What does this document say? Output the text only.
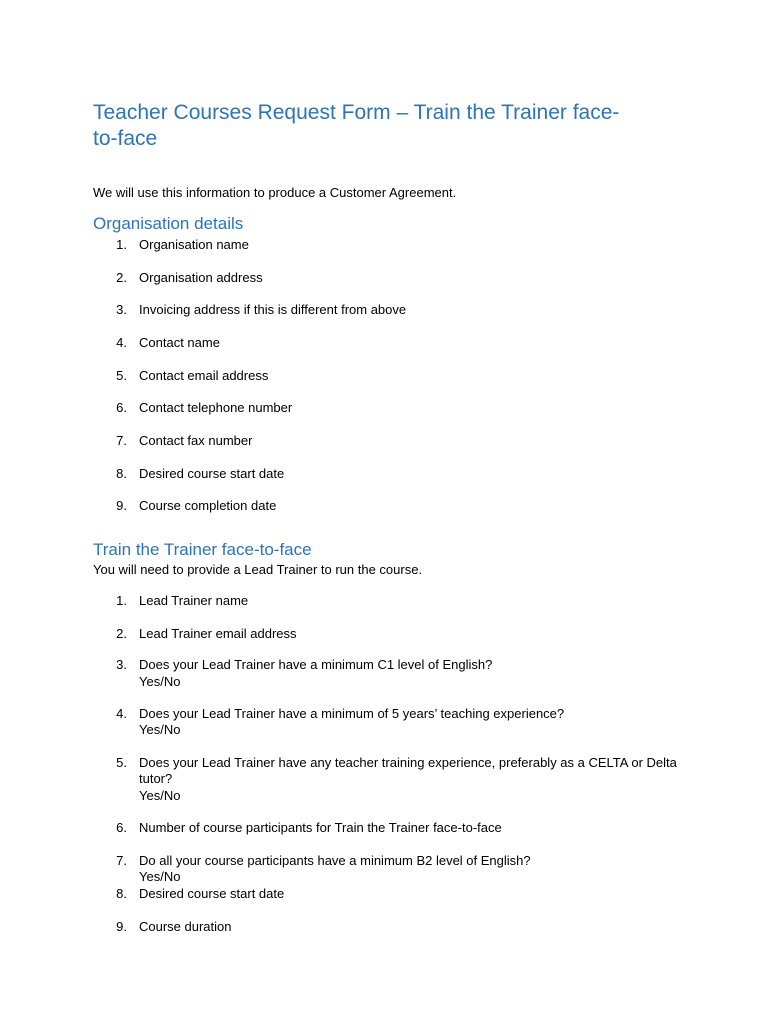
Teacher Courses Request Form – Train the Trainer face-
to-face
We will use this information to produce a Customer Agreement.
Organisation details
1. Organisation name
2. Organisation address
3. Invoicing address if this is different from above
4. Contact name
5. Contact email address
6. Contact telephone number
7. Contact fax number
8. Desired course start date
9. Course completion date
Train the Trainer face-to-face
You will need to provide a Lead Trainer to run the course.
1. Lead Trainer name
2. Lead Trainer email address
3. Does your Lead Trainer have a minimum C1 level of English?
Yes/No
4. Does your Lead Trainer have a minimum of 5 years’ teaching experience?
Yes/No
5. Does your Lead Trainer have any teacher training experience, preferably as a CELTA or Delta
tutor?
Yes/No
6. Number of course participants for Train the Trainer face-to-face
7. Do all your course participants have a minimum B2 level of English?
Yes/No
8. Desired course start date
9. Course duration
